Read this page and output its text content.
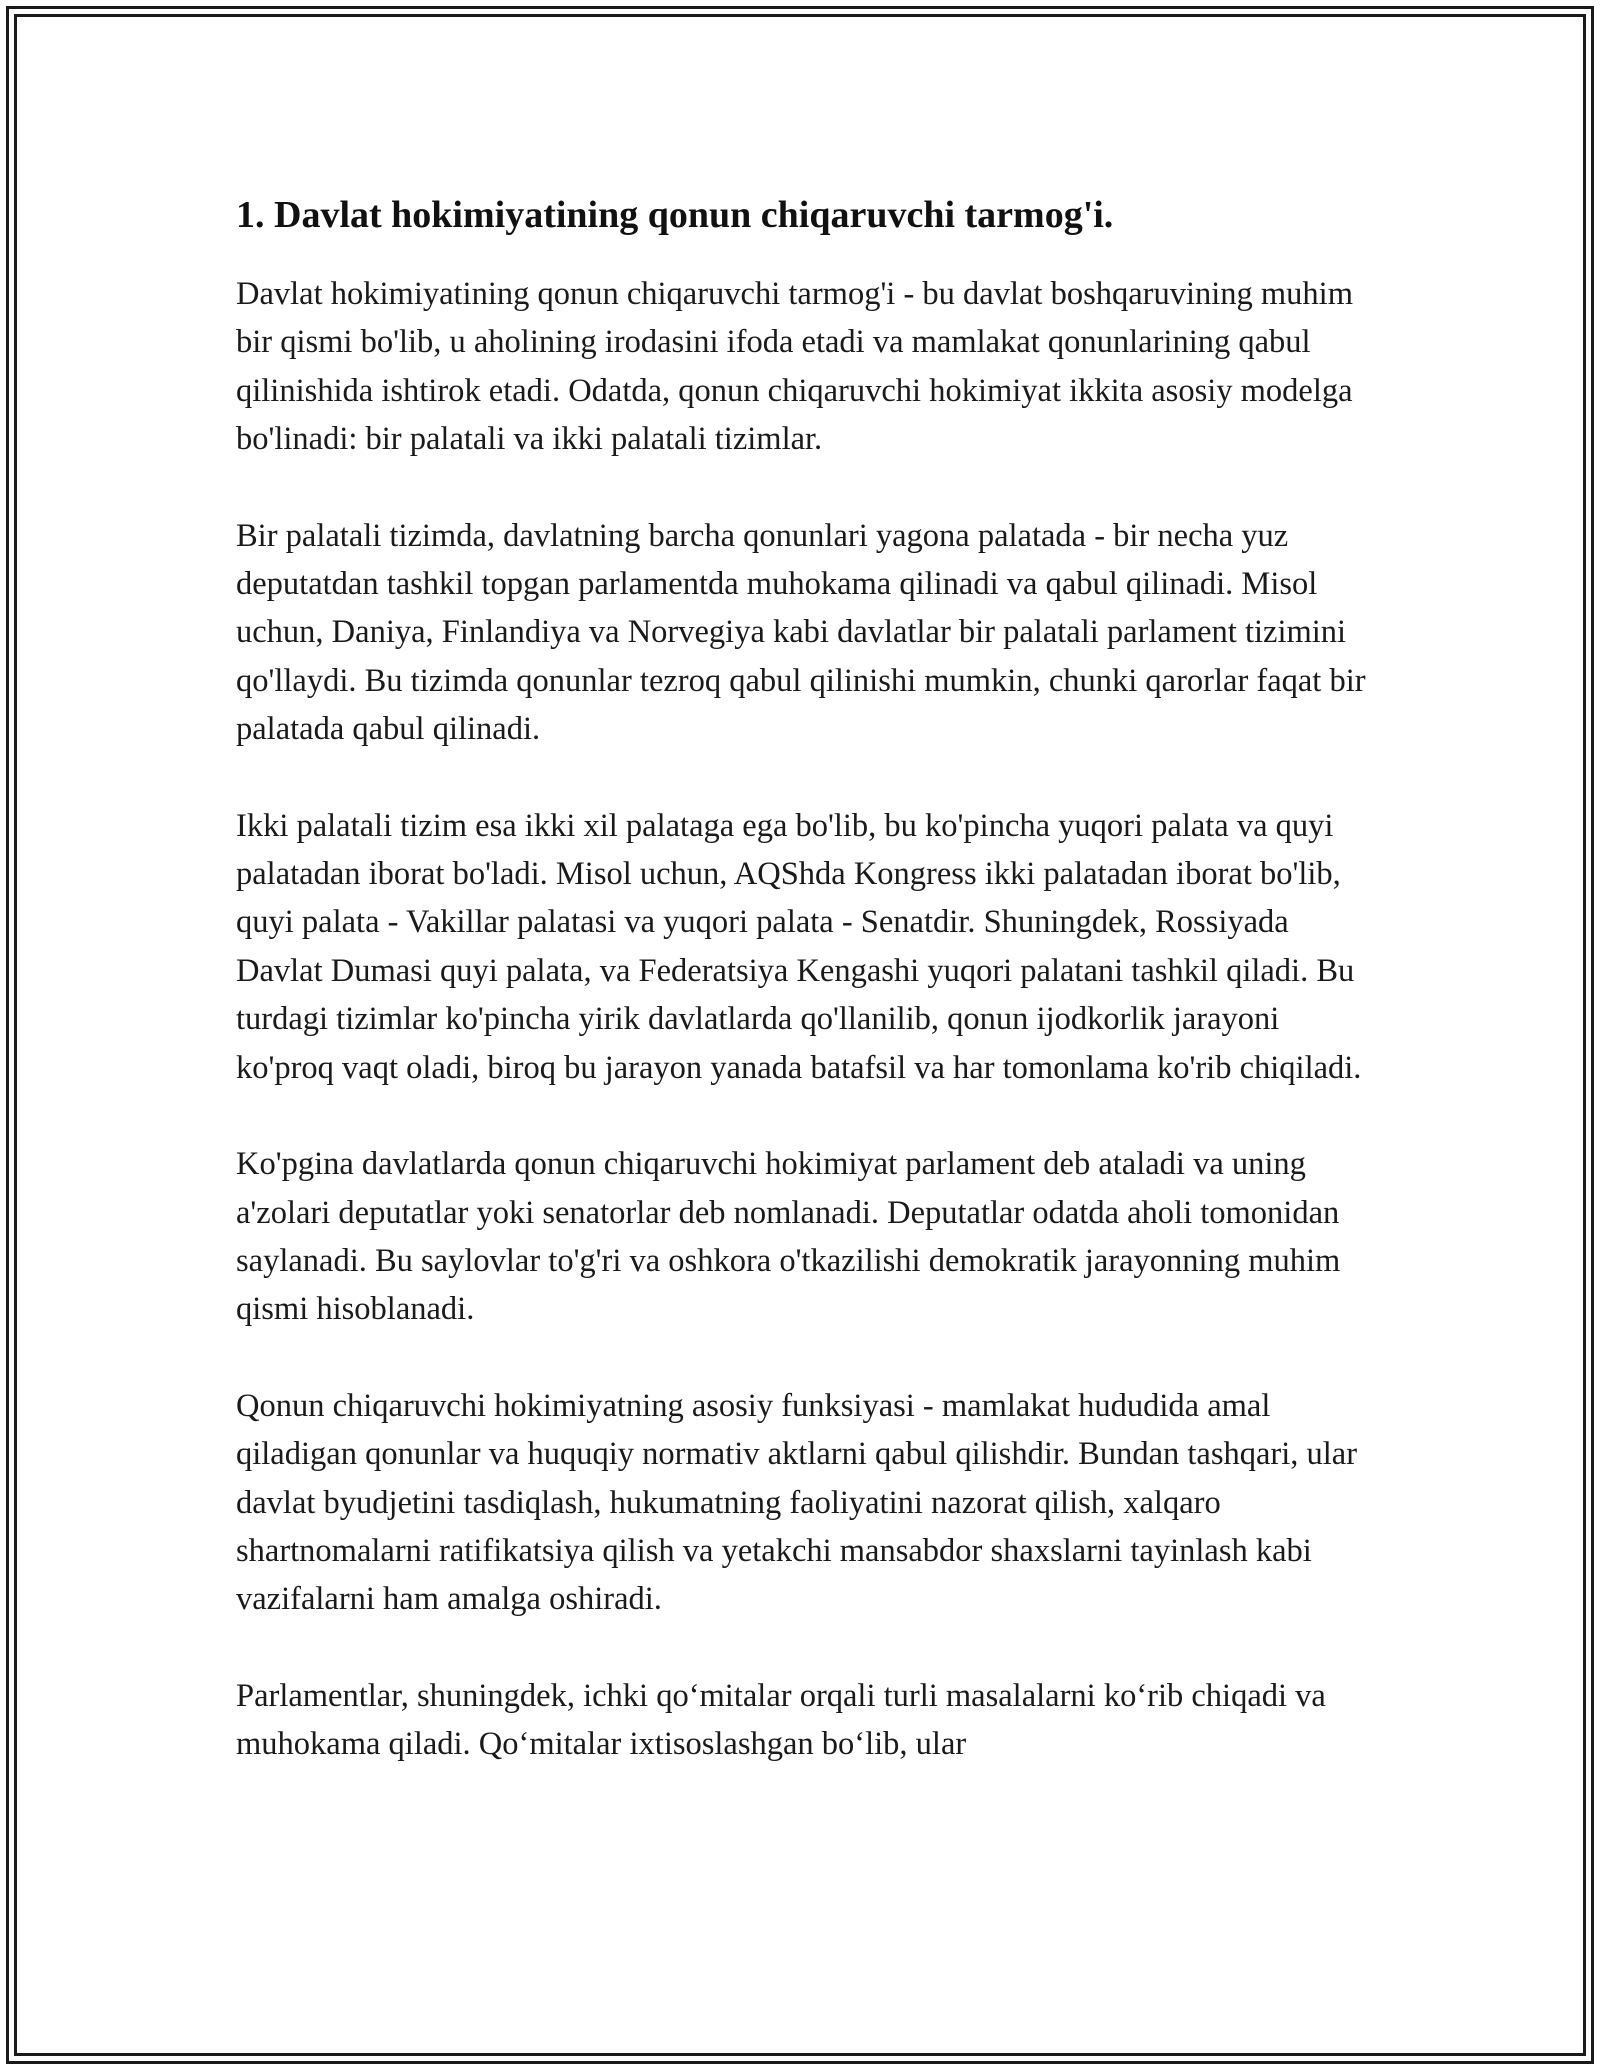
1. Davlat hokimiyatining qonun chiqaruvchi tarmog'i.

Davlat hokimiyatining qonun chiqaruvchi tarmog'i - bu davlat boshqaruvining muhim bir qismi bo'lib, u aholining irodasini ifoda etadi va mamlakat qonunlarining qabul qilinishida ishtirok etadi. Odatda, qonun chiqaruvchi hokimiyat ikkita asosiy modelga bo'linadi: bir palatali va ikki palatali tizimlar.

Bir palatali tizimda, davlatning barcha qonunlari yagona palatada - bir necha yuz deputatdan tashkil topgan parlamentda muhokama qilinadi va qabul qilinadi. Misol uchun, Daniya, Finlandiya va Norvegiya kabi davlatlar bir palatali parlament tizimini qo'llaydi. Bu tizimda qonunlar tezroq qabul qilinishi mumkin, chunki qarorlar faqat bir palatada qabul qilinadi.

Ikki palatali tizim esa ikki xil palataga ega bo'lib, bu ko'pincha yuqori palata va quyi palatadan iborat bo'ladi. Misol uchun, AQShda Kongress ikki palatadan iborat bo'lib, quyi palata - Vakillar palatasi va yuqori palata - Senatdir. Shuningdek, Rossiyada Davlat Dumasi quyi palata, va Federatsiya Kengashi yuqori palatani tashkil qiladi. Bu turdagi tizimlar ko'pincha yirik davlatlarda qo'llanilib, qonun ijodkorlik jarayoni ko'proq vaqt oladi, biroq bu jarayon yanada batafsil va har tomonlama ko'rib chiqiladi.

Ko'pgina davlatlarda qonun chiqaruvchi hokimiyat parlament deb ataladi va uning a'zolari deputatlar yoki senatorlar deb nomlanadi. Deputatlar odatda aholi tomonidan saylanadi. Bu saylovlar to'g'ri va oshkora o'tkazilishi demokratik jarayonning muhim qismi hisoblanadi.

Qonun chiqaruvchi hokimiyatning asosiy funksiyasi - mamlakat hududida amal qiladigan qonunlar va huquqiy normativ aktlarni qabul qilishdir. Bundan tashqari, ular davlat byudjetini tasdiqlash, hukumatning faoliyatini nazorat qilish, xalqaro shartnomalarni ratifikatsiya qilish va yetakchi mansabdor shaxslarni tayinlash kabi vazifalarni ham amalga oshiradi.

Parlamentlar, shuningdek, ichki qo‘mitalar orqali turli masalalarni ko‘rib chiqadi va muhokama qiladi. Qo‘mitalar ixtisoslashgan bo‘lib, ular
